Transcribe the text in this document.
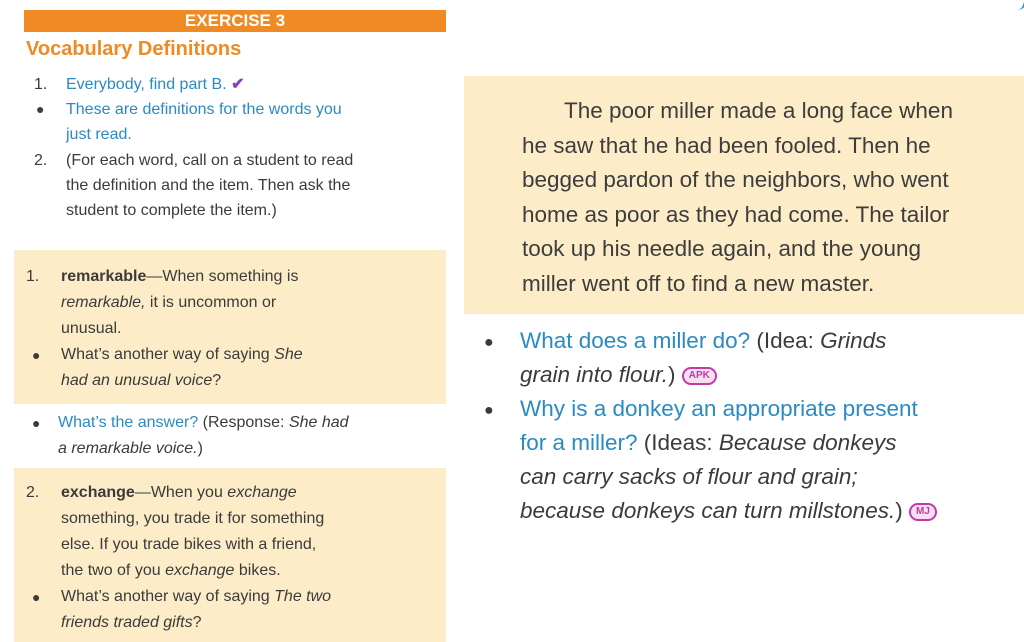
EXERCISE 3
Vocabulary Definitions
1. Everybody, find part B. ✔
● These are definitions for the words you
just read.
2. (For each word, call on a student to read
the definition and the item. Then ask the
student to complete the item.)
1. remarkable—When something is
remarkable, it is uncommon or
unusual.
● What’s another way of saying She
had an unusual voice?
● What’s the answer? (Response: She had
a remarkable voice.)
2. exchange—When you exchange
something, you trade it for something
else. If you trade bikes with a friend,
the two of you exchange bikes.
● What’s another way of saying The two
friends traded gifts?
The poor miller made a long face when
he saw that he had been fooled. Then he
begged pardon of the neighbors, who went
home as poor as they had come. The tailor
took up his needle again, and the young
miller went off to find a new master.
● What does a miller do? (Idea: Grinds
grain into flour.) APK
● Why is a donkey an appropriate present
for a miller? (Ideas: Because donkeys
can carry sacks of flour and grain;
because donkeys can turn millstones.) MJ
